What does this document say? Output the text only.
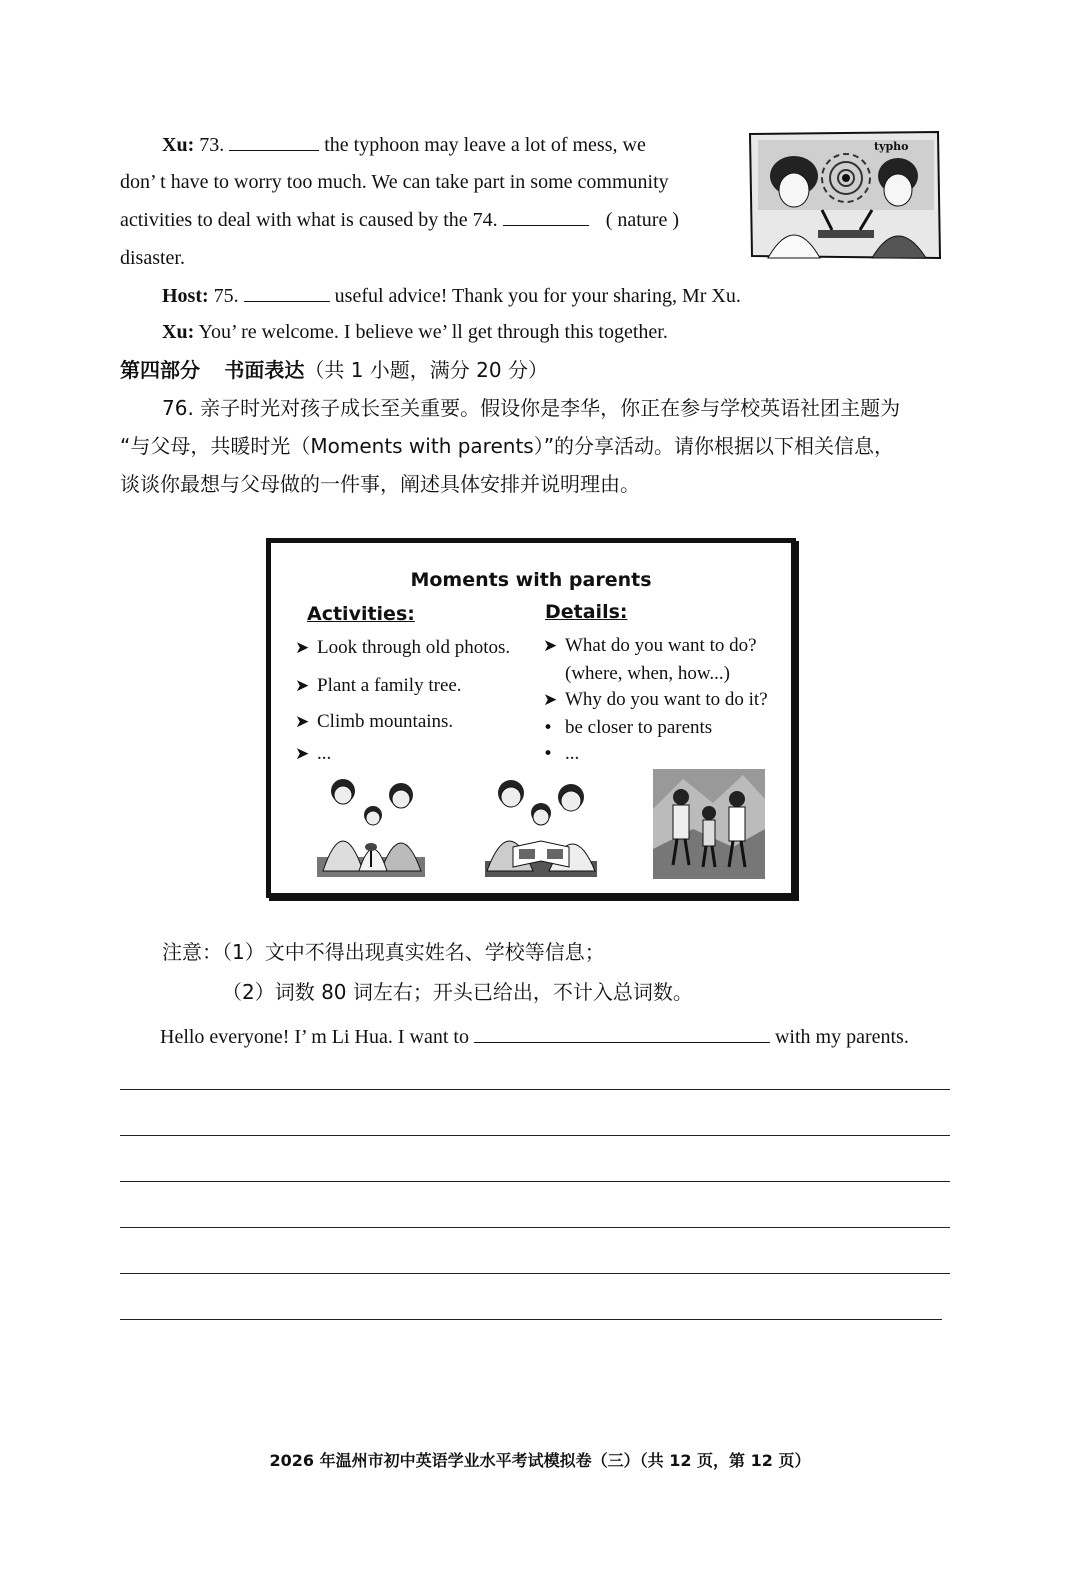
Xu: 73.	the typhoon may leave a lot of mess, we
don’ t have to worry too much. We can take part in some community
activities to deal with what is caused by the 74.	( nature )
disaster.
typho
Host: 75.	useful advice! Thank you for your sharing, Mr Xu.
Xu: You’ re welcome. I believe we’ ll get through this together.
第四部分 书面表达（共 1 小题，满分 20 分）
76. 亲子时光对孩子成长至关重要。假设你是李华，你正在参与学校英语社团主题为
“与父母，共暖时光（Moments with parents）”的分享活动。请你根据以下相关信息，
谈谈你最想与父母做的一件事，阐述具体安排并说明理由。
Moments with parents
Activities:	Details:
➤ Look through old photos.
➤ Plant a family tree.
➤ Climb mountains.
➤ ...
➤ What do you want to do?
(where, when, how...)
➤ Why do you want to do it?
• be closer to parents
• ...
注意：（1）文中不得出现真实姓名、学校等信息；
（2）词数 80 词左右；开头已给出，不计入总词数。
Hello everyone! I’ m Li Hua. I want to	with my parents.
2026 年温州市初中英语学业水平考试模拟卷（三）（共 12 页，第 12 页）
